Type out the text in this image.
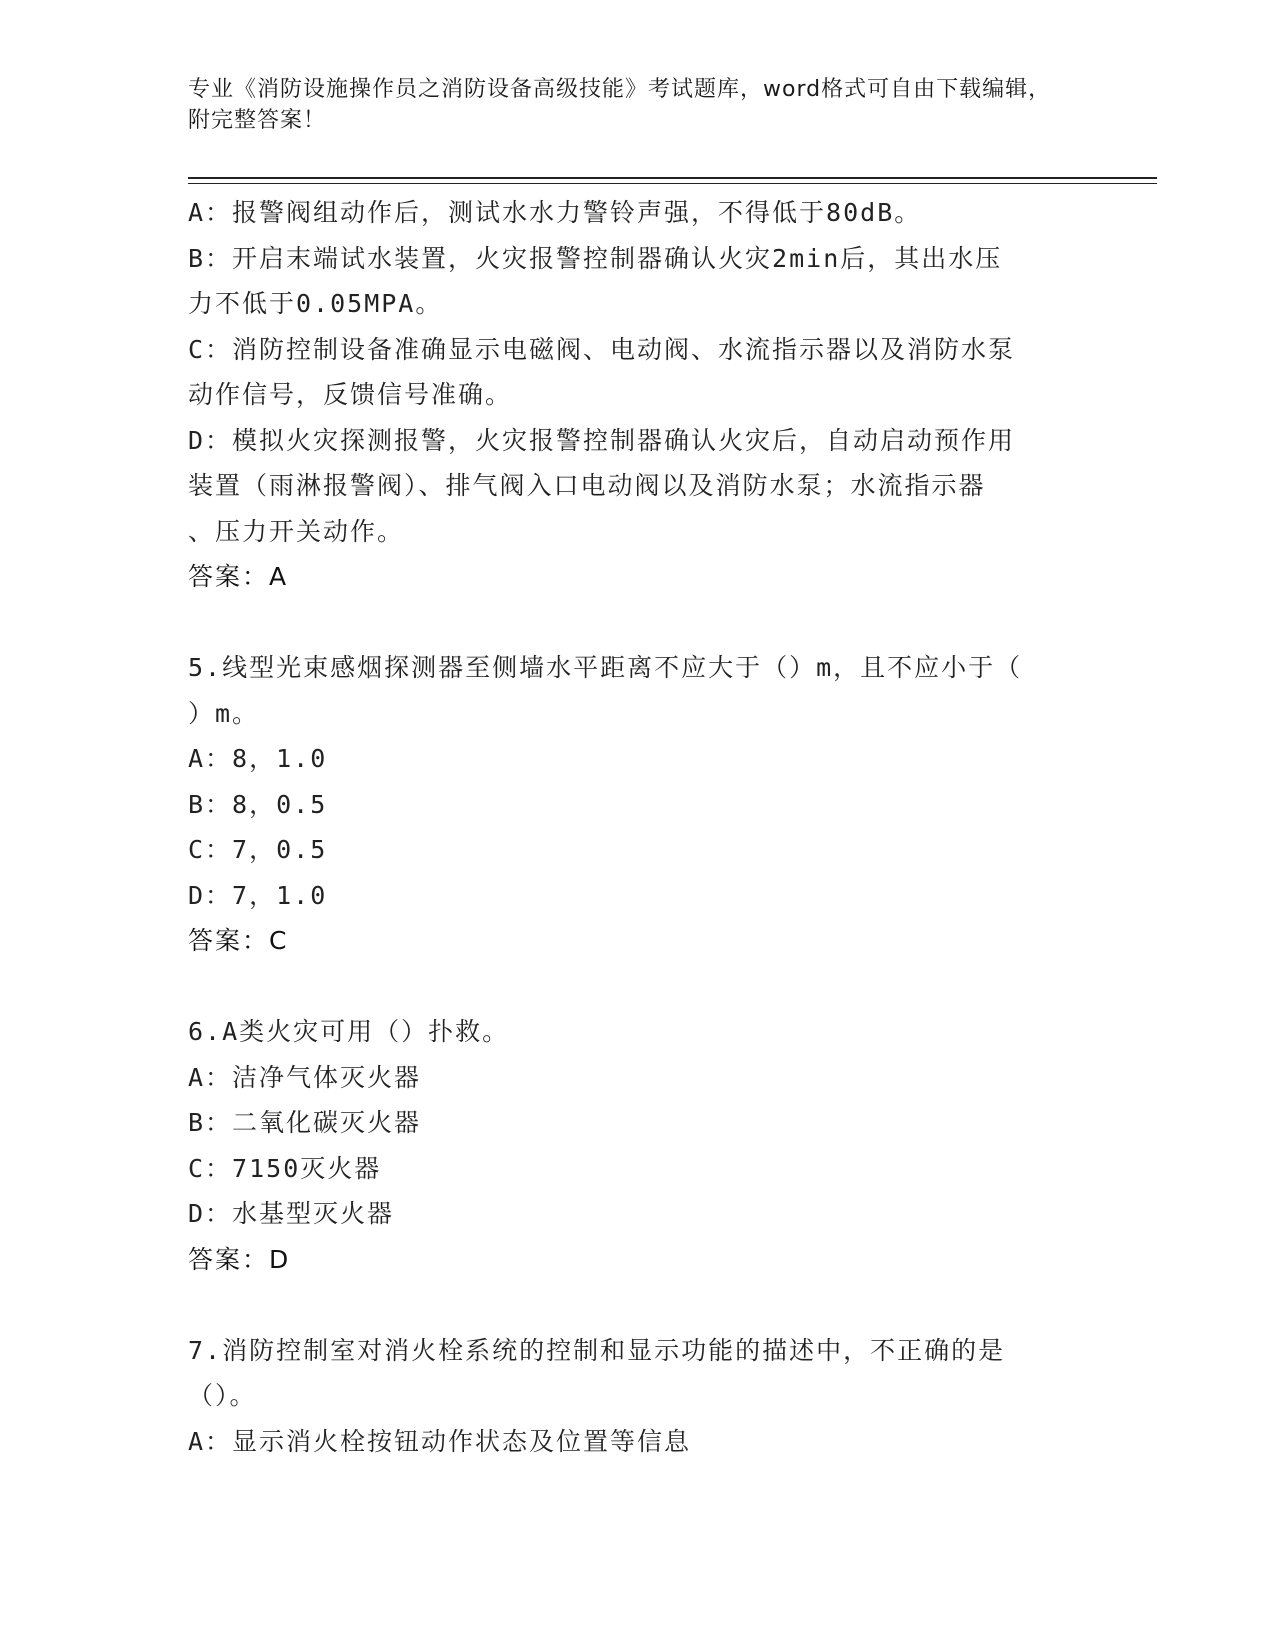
专业《消防设施操作员之消防设备高级技能》考试题库，word格式可自由下载编辑，附完整答案！
A：报警阀组动作后，测试水水力警铃声强，不得低于80dB。
B：开启末端试水装置，火灾报警控制器确认火灾2min后，其出水压
力不低于0.05MPA。
C：消防控制设备准确显示电磁阀、电动阀、水流指示器以及消防水泵
动作信号，反馈信号准确。
D：模拟火灾探测报警，火灾报警控制器确认火灾后，自动启动预作用
装置（雨淋报警阀）、排气阀入口电动阀以及消防水泵；水流指示器
、压力开关动作。
答案：A
5.线型光束感烟探测器至侧墙水平距离不应大于（）m，且不应小于（
）m。
A：8，1.0
B：8，0.5
C：7，0.5
D：7，1.0
答案：C
6.A类火灾可用（）扑救。
A：洁净气体灭火器
B：二氧化碳灭火器
C：7150灭火器
D：水基型灭火器
答案：D
7.消防控制室对消火栓系统的控制和显示功能的描述中，不正确的是
（）。
A：显示消火栓按钮动作状态及位置等信息
